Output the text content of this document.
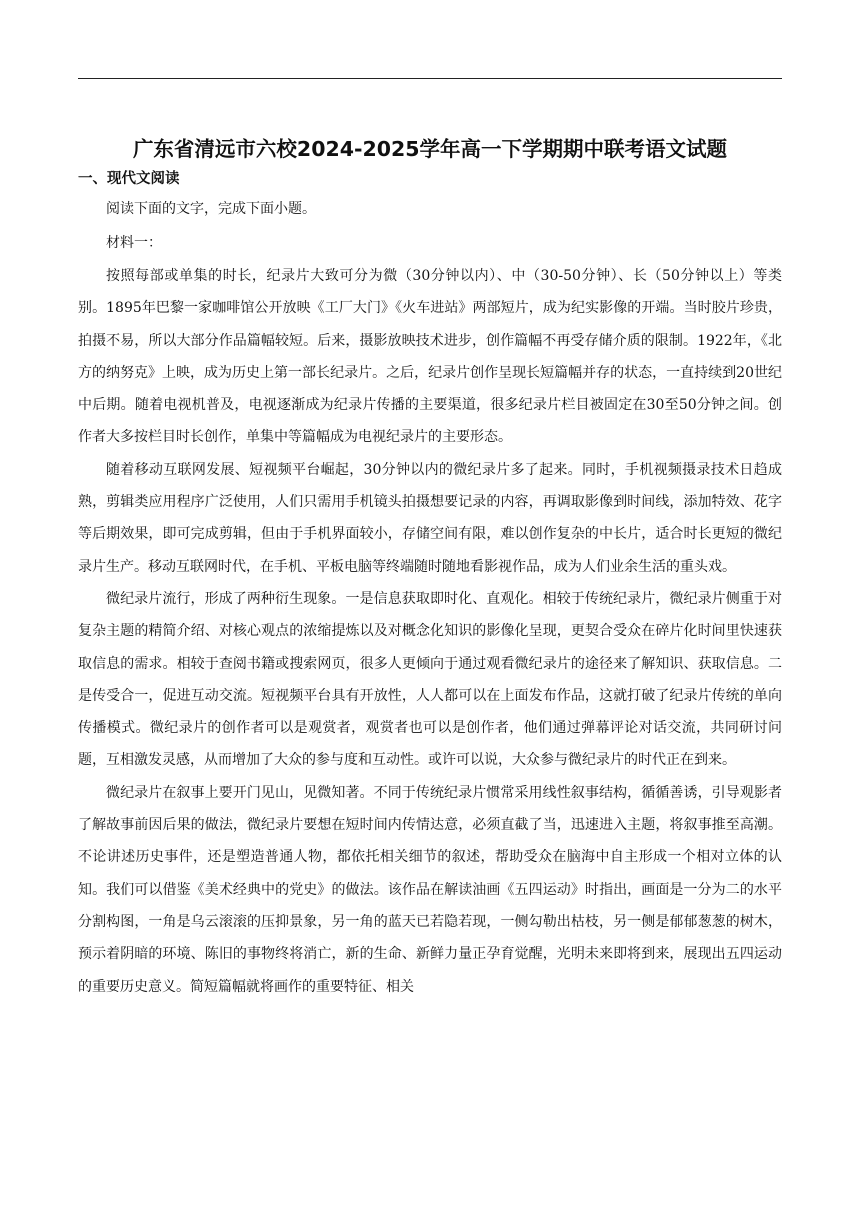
广东省清远市六校2024-2025学年高一下学期期中联考语文试题
一、现代文阅读

阅读下面的文字，完成下面小题。

材料一：

按照每部或单集的时长，纪录片大致可分为微（30分钟以内）、中（30-50分钟）、长（50分钟以上）等类别。1895年巴黎一家咖啡馆公开放映《工厂大门》《火车进站》两部短片，成为纪实影像的开端。当时胶片珍贵，拍摄不易，所以大部分作品篇幅较短。后来，摄影放映技术进步，创作篇幅不再受存储介质的限制。1922年，《北方的纳努克》上映，成为历史上第一部长纪录片。之后，纪录片创作呈现长短篇幅并存的状态，一直持续到20世纪中后期。随着电视机普及，电视逐渐成为纪录片传播的主要渠道，很多纪录片栏目被固定在30至50分钟之间。创作者大多按栏目时长创作，单集中等篇幅成为电视纪录片的主要形态。

随着移动互联网发展、短视频平台崛起，30分钟以内的微纪录片多了起来。同时，手机视频摄录技术日趋成熟，剪辑类应用程序广泛使用，人们只需用手机镜头拍摄想要记录的内容，再调取影像到时间线，添加特效、花字等后期效果，即可完成剪辑，但由于手机界面较小，存储空间有限，难以创作复杂的中长片，适合时长更短的微纪录片生产。移动互联网时代，在手机、平板电脑等终端随时随地看影视作品，成为人们业余生活的重头戏。

微纪录片流行，形成了两种衍生现象。一是信息获取即时化、直观化。相较于传统纪录片，微纪录片侧重于对复杂主题的精简介绍、对核心观点的浓缩提炼以及对概念化知识的影像化呈现，更契合受众在碎片化时间里快速获取信息的需求。相较于查阅书籍或搜索网页，很多人更倾向于通过观看微纪录片的途径来了解知识、获取信息。二是传受合一，促进互动交流。短视频平台具有开放性，人人都可以在上面发布作品，这就打破了纪录片传统的单向传播模式。微纪录片的创作者可以是观赏者，观赏者也可以是创作者，他们通过弹幕评论对话交流，共同研讨问题，互相激发灵感，从而增加了大众的参与度和互动性。或许可以说，大众参与微纪录片的时代正在到来。

微纪录片在叙事上要开门见山，见微知著。不同于传统纪录片惯常采用线性叙事结构，循循善诱，引导观影者了解故事前因后果的做法，微纪录片要想在短时间内传情达意，必须直截了当，迅速进入主题，将叙事推至高潮。不论讲述历史事件，还是塑造普通人物，都依托相关细节的叙述，帮助受众在脑海中自主形成一个相对立体的认知。我们可以借鉴《美术经典中的党史》的做法。该作品在解读油画《五四运动》时指出，画面是一分为二的水平分割构图，一角是乌云滚滚的压抑景象，另一角的蓝天已若隐若现，一侧勾勒出枯枝，另一侧是郁郁葱葱的树木，预示着阴暗的环境、陈旧的事物终将消亡，新的生命、新鲜力量正孕育觉醒，光明未来即将到来，展现出五四运动的重要历史意义。简短篇幅就将画作的重要特征、相关
